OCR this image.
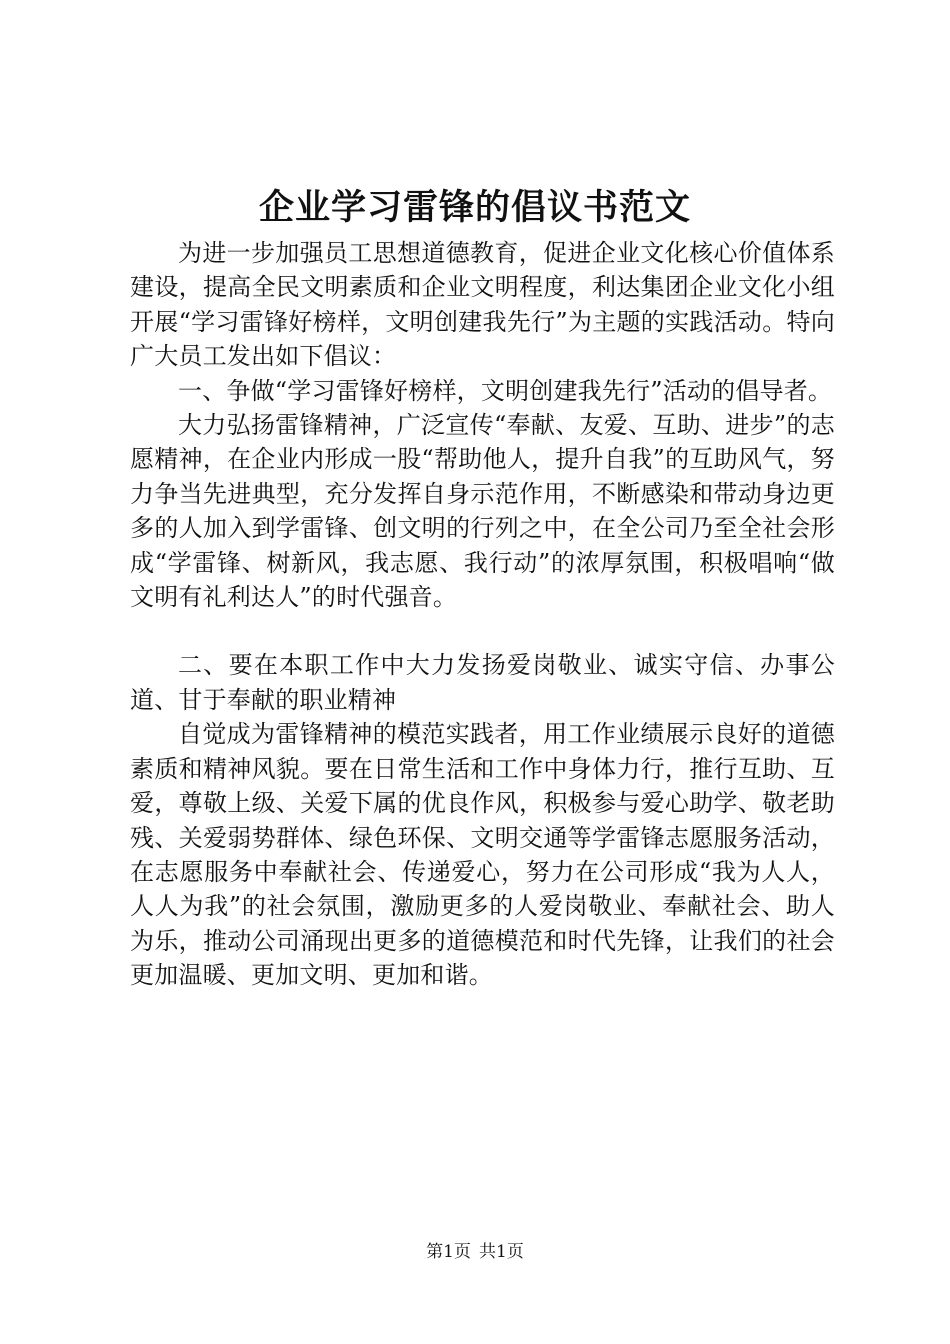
企业学习雷锋的倡议书范文

为进一步加强员工思想道德教育，促进企业文化核心价值体系建设，提高全民文明素质和企业文明程度，利达集团企业文化小组开展“学习雷锋好榜样，文明创建我先行”为主题的实践活动。特向广大员工发出如下倡议：

一、争做“学习雷锋好榜样，文明创建我先行”活动的倡导者。

大力弘扬雷锋精神，广泛宣传“奉献、友爱、互助、进步”的志愿精神，在企业内形成一股“帮助他人，提升自我”的互助风气，努力争当先进典型，充分发挥自身示范作用，不断感染和带动身边更多的人加入到学雷锋、创文明的行列之中，在全公司乃至全社会形成“学雷锋、树新风，我志愿、我行动”的浓厚氛围，积极唱响“做文明有礼利达人”的时代强音。

二、要在本职工作中大力发扬爱岗敬业、诚实守信、办事公道、甘于奉献的职业精神

自觉成为雷锋精神的模范实践者，用工作业绩展示良好的道德素质和精神风貌。要在日常生活和工作中身体力行，推行互助、互爱，尊敬上级、关爱下属的优良作风，积极参与爱心助学、敬老助残、关爱弱势群体、绿色环保、文明交通等学雷锋志愿服务活动，在志愿服务中奉献社会、传递爱心，努力在公司形成“我为人人，人人为我”的社会氛围，激励更多的人爱岗敬业、奉献社会、助人为乐，推动公司涌现出更多的道德模范和时代先锋，让我们的社会更加温暖、更加文明、更加和谐。

第1页 共1页
